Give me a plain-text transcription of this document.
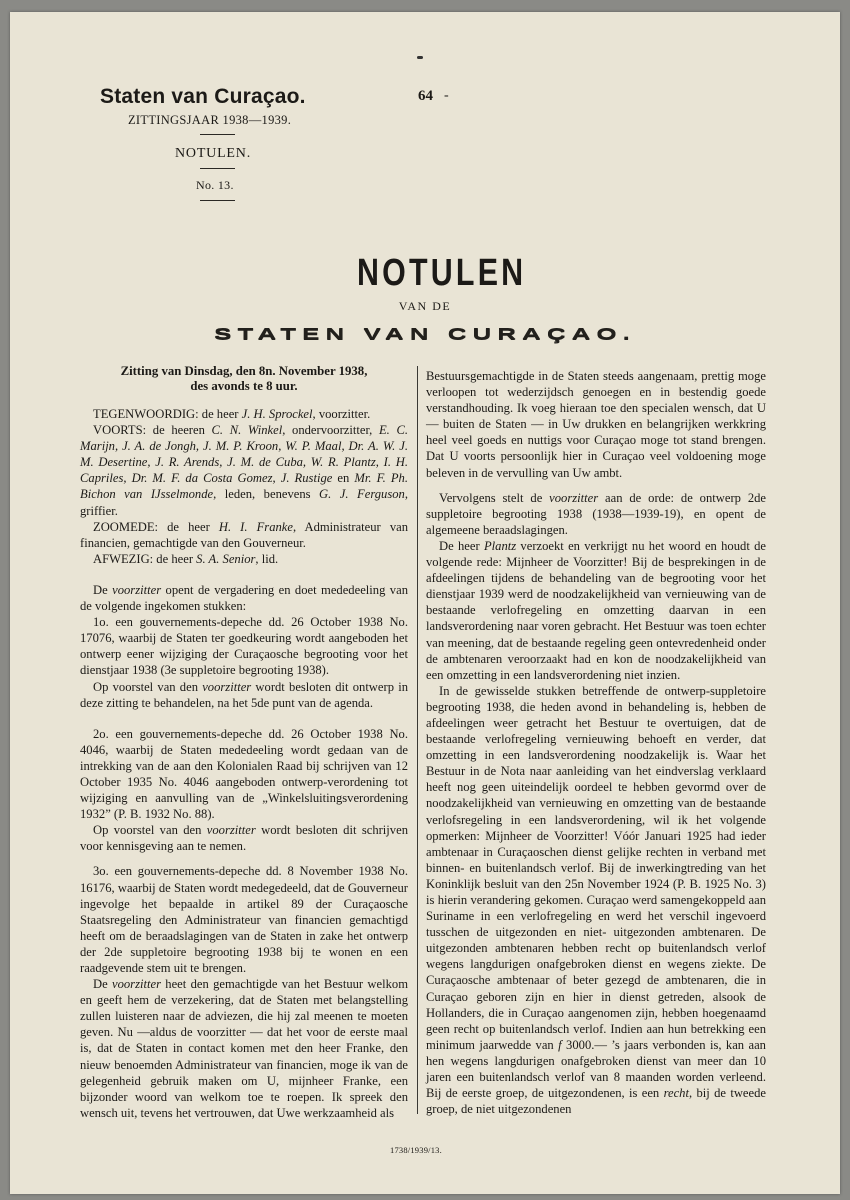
Staten van Curaçao.	64 -
ZITTINGSJAAR 1938—1939.
NOTULEN.
No. 13.
NOTULEN
VAN DE
STATEN VAN CURAÇAO.
Zitting van Dinsdag, den 8n. November 1938,
des avonds te 8 uur.

TEGENWOORDIG: de heer J. H. Sprockel, voorzitter.

VOORTS: de heeren C. N. Winkel, ondervoorzitter, E. C. Marijn, J. A. de Jongh, J. M. P. Kroon, W. P. Maal, Dr. A. W. J. M. Desertine, J. R. Arends, J. M. de Cuba, W. R. Plantz, I. H. Capriles, Dr. M. F. da Costa Gomez, J. Rustige en Mr. F. Ph. Bichon van IJsselmonde, leden, benevens G. J. Ferguson, griffier.

ZOOMEDE: de heer H. I. Franke, Administrateur van financien, gemachtigde van den Gouverneur.

AFWEZIG: de heer S. A. Senior, lid.

De voorzitter opent de vergadering en doet mededeeling van de volgende ingekomen stukken:

1o. een gouvernements-depeche dd. 26 October 1938 No. 17076, waarbij de Staten ter goedkeuring wordt aangeboden het ontwerp eener wijziging der Curaçaosche begrooting voor het dienstjaar 1938 (3e suppletoire begrooting 1938).

Op voorstel van den voorzitter wordt besloten dit ontwerp in deze zitting te behandelen, na het 5de punt van de agenda.

2o. een gouvernements-depeche dd. 26 October 1938 No. 4046, waarbij de Staten mededeeling wordt gedaan van de intrekking van de aan den Kolonialen Raad bij schrijven van 12 October 1935 No. 4046 aangeboden ontwerp-verordening tot wijziging en aanvulling van de „Winkelsluitingsverordening 1932” (P. B. 1932 No. 88).

Op voorstel van den voorzitter wordt besloten dit schrijven voor kennisgeving aan te nemen.

3o. een gouvernements-depeche dd. 8 November 1938 No. 16176, waarbij de Staten wordt medegedeeld, dat de Gouverneur ingevolge het bepaalde in artikel 89 der Curaçaosche Staatsregeling den Administrateur van financien gemachtigd heeft om de beraadslagingen van de Staten in zake het ontwerp der 2de suppletoire begrooting 1938 bij te wonen en een raadgevende stem uit te brengen.

De voorzitter heet den gemachtigde van het Bestuur welkom en geeft hem de verzekering, dat de Staten met belangstelling zullen luisteren naar de adviezen, die hij zal meenen te moeten geven. Nu —aldus de voorzitter — dat het voor de eerste maal is, dat de Staten in contact komen met den heer Franke, den nieuw benoemden Administrateur van financien, moge ik van de gelegenheid gebruik maken om U, mijnheer Franke, een bijzonder woord van welkom toe te roepen. Ik spreek den wensch uit, tevens het vertrouwen, dat Uwe werkzaamheid als

Bestuursgemachtigde in de Staten steeds aangenaam, prettig moge verloopen tot wederzijdsch genoegen en in bestendig goede verstandhouding. Ik voeg hieraan toe den specialen wensch, dat U — buiten de Staten — in Uw drukken en belangrijken werkkring heel veel goeds en nuttigs voor Curaçao moge tot stand brengen. Dat U voorts persoonlijk hier in Curaçao veel voldoening moge beleven in de vervulling van Uw ambt.

Vervolgens stelt de voorzitter aan de orde: de ontwerp 2de suppletoire begrooting 1938 (1938—1939-19), en opent de algemeene beraadslagingen.

De heer Plantz verzoekt en verkrijgt nu het woord en houdt de volgende rede: Mijnheer de Voorzitter! Bij de besprekingen in de afdeelingen tijdens de behandeling van de begrooting voor het dienstjaar 1939 werd de noodzakelijkheid van vernieuwing van de bestaande verlofregeling en omzetting daarvan in een landsverordening naar voren gebracht. Het Bestuur was toen echter van meening, dat de bestaande regeling geen ontevredenheid onder de ambtenaren veroorzaakt had en kon de noodzakelijkheid van een omzetting in een landsverordening niet inzien.

In de gewisselde stukken betreffende de ontwerp-suppletoire begrooting 1938, die heden avond in behandeling is, hebben de afdeelingen weer getracht het Bestuur te overtuigen, dat de bestaande verlofregeling vernieuwing behoeft en verder, dat omzetting in een landsverordening noodzakelijk is. Waar het Bestuur in de Nota naar aanleiding van het eindverslag verklaard heeft nog geen uiteindelijk oordeel te hebben gevormd over de noodzakelijkheid van vernieuwing en omzetting van de bestaande verlofsregeling in een landsverordening, wil ik het volgende opmerken: Mijnheer de Voorzitter! Vóór Januari 1925 had ieder ambtenaar in Curaçaoschen dienst gelijke rechten in verband met binnen- en buitenlandsch verlof. Bij de inwerkingtreding van het Koninklijk besluit van den 25n November 1924 (P. B. 1925 No. 3) is hierin verandering gekomen. Curaçao werd samengekoppeld aan Suriname in een verlofregeling en werd het verschil ingevoerd tusschen de uitgezonden en niet- uitgezonden ambtenaren. De uitgezonden ambtenaren hebben recht op buitenlandsch verlof wegens langdurigen onafgebroken dienst en wegens ziekte. De Curaçaosche ambtenaar of beter gezegd de ambtenaren, die in Curaçao geboren zijn en hier in dienst getreden, alsook de Hollanders, die in Curaçao aangenomen zijn, hebben hoegenaamd geen recht op buitenlandsch verlof. Indien aan hun betrekking een minimum jaarwedde van f 3000.— ’s jaars verbonden is, kan aan hen wegens langdurigen onafgebroken dienst van meer dan 10 jaren een buitenlandsch verlof van 8 maanden worden verleend. Bij de eerste groep, de uitgezondenen, is een recht, bij de tweede groep, de niet uitgezondenen

1738/1939/13.
